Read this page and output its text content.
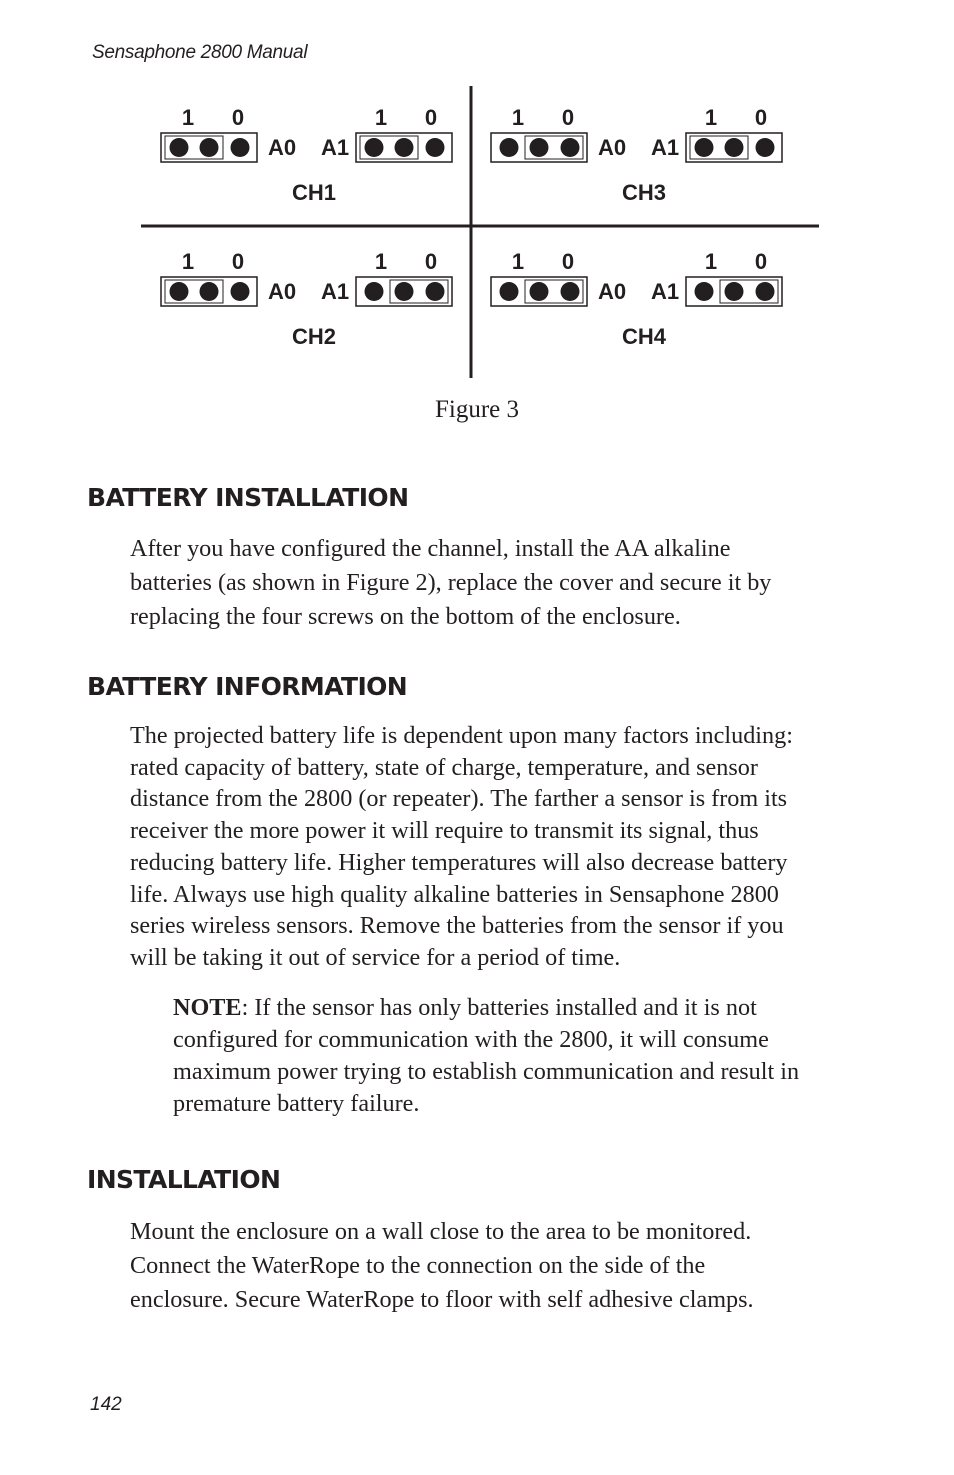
Sensaphone 2800 Manual
1 0	1 0
A0 A1
CH1
1 0	1 0
A0 A1
CH3
1 0	1 0
A0 A1
CH2
1 0	1 0
A0 A1
CH4
Figure 3
BATTERY INSTALLATION
After you have configured the channel, install the AA alkaline
batteries (as shown in Figure 2), replace the cover and secure it by
replacing the four screws on the bottom of the enclosure.
BATTERY INFORMATION
The projected battery life is dependent upon many factors including:
rated capacity of battery, state of charge, temperature, and sensor
distance from the 2800 (or repeater). The farther a sensor is from its
receiver the more power it will require to transmit its signal, thus
reducing battery life. Higher temperatures will also decrease battery
life. Always use high quality alkaline batteries in Sensaphone 2800
series wireless sensors. Remove the batteries from the sensor if you
will be taking it out of service for a period of time.
NOTE: If the sensor has only batteries installed and it is not
configured for communication with the 2800, it will consume
maximum power trying to establish communication and result in
premature battery failure.
INSTALLATION
Mount the enclosure on a wall close to the area to be monitored.
Connect the WaterRope to the connection on the side of the
enclosure. Secure WaterRope to floor with self adhesive clamps.
142
